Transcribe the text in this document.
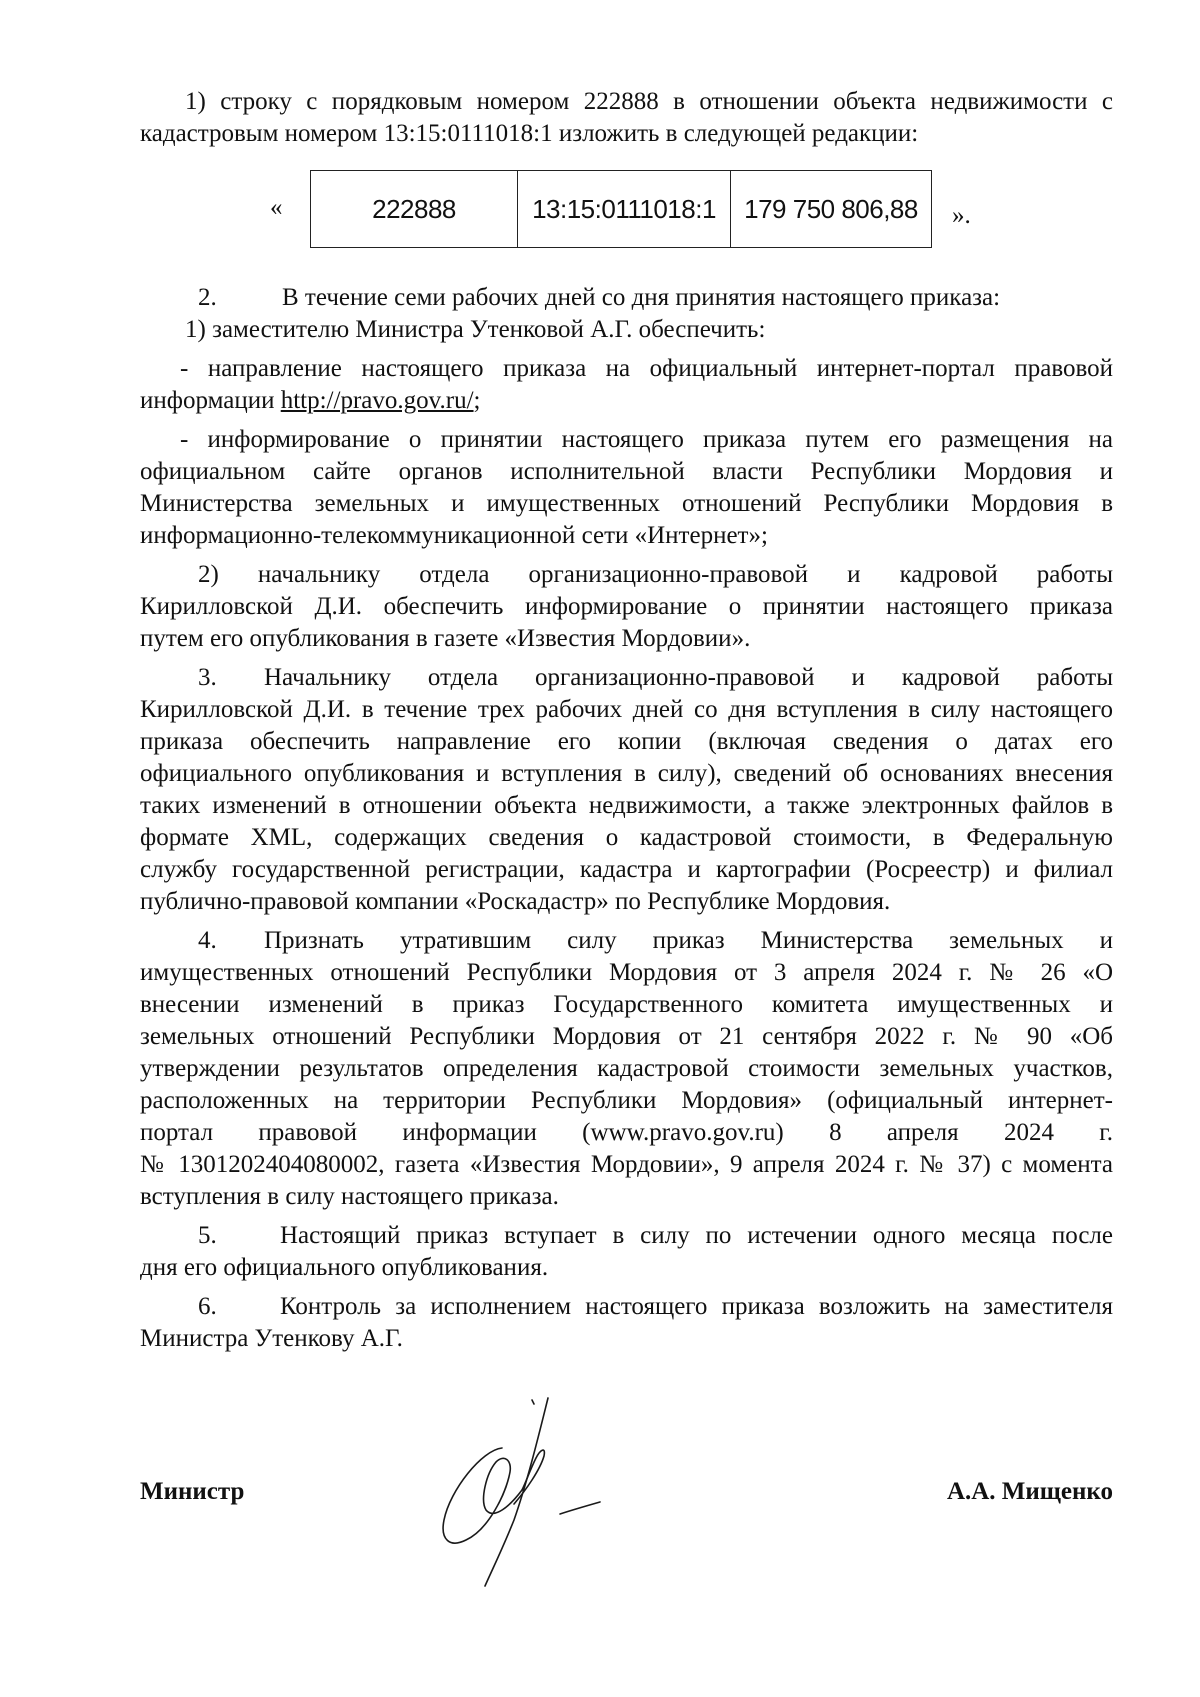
1) строку с порядковым номером 222888 в отношении объекта недвижимости с
кадастровым номером 13:15:0111018:1 изложить в следующей редакции:
«	222888	13:15:0111018:1	179 750 806,88 ».
2.	В течение семи рабочих дней со дня принятия настоящего приказа:
1) заместителю Министра Утенковой А.Г. обеспечить:
- направление настоящего приказа на официальный интернет-портал правовой
информации http://pravo.gov.ru/;
- информирование о принятии настоящего приказа путем его размещения на
официальном сайте органов исполнительной власти Республики Мордовия и
Министерства земельных и имущественных отношений Республики Мордовия в
информационно-телекоммуникационной сети «Интернет»;
2) начальнику отдела организационно-правовой и кадровой работы
Кирилловской Д.И. обеспечить информирование о принятии настоящего приказа
путем его опубликования в газете «Известия Мордовии».
3.	Начальнику отдела организационно-правовой и кадровой работы
Кирилловской Д.И. в течение трех рабочих дней со дня вступления в силу настоящего
приказа обеспечить направление его копии (включая сведения о датах его
официального опубликования и вступления в силу), сведений об основаниях внесения
таких изменений в отношении объекта недвижимости, а также электронных файлов в
формате XML, содержащих сведения о кадастровой стоимости, в Федеральную
службу государственной регистрации, кадастра и картографии (Росреестр) и филиал
публично-правовой компании «Роскадастр» по Республике Мордовия.
4.	Признать утратившим силу приказ Министерства земельных и
имущественных отношений Республики Мордовия от 3 апреля 2024 г. № 26 «О
внесении изменений в приказ Государственного комитета имущественных и
земельных отношений Республики Мордовия от 21 сентября 2022 г. № 90 «Об
утверждении результатов определения кадастровой стоимости земельных участков,
расположенных на территории Республики Мордовия» (официальный интернет-
портал правовой информации (www.pravo.gov.ru) 8 апреля 2024 г.
№ 1301202404080002, газета «Известия Мордовии», 9 апреля 2024 г. № 37) с момента
вступления в силу настоящего приказа.
5.	Настоящий приказ вступает в силу по истечении одного месяца после
дня его официального опубликования.
6.	Контроль за исполнением настоящего приказа возложить на заместителя
Министра Утенкову А.Г.
Министр	А.А. Мищенко
